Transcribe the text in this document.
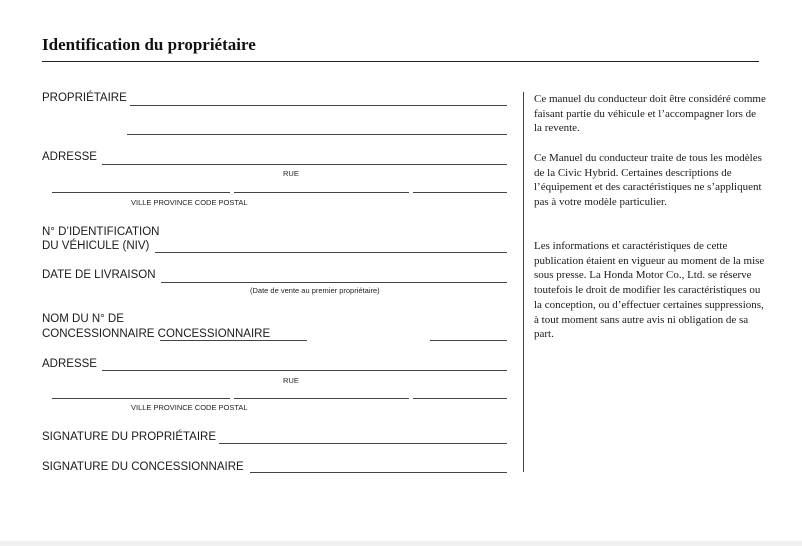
Identification du propriétaire
PROPRIÉTAIRE
ADRESSE
RUE
VILLE PROVINCE CODE POSTAL
N° D’IDENTIFICATION
DU VÉHICULE (NIV)
DATE DE LIVRAISON
(Date de vente au premier propriétaire)
NOM DU N° DE
CONCESSIONNAIRE CONCESSIONNAIRE
ADRESSE
RUE
VILLE PROVINCE CODE POSTAL
SIGNATURE DU PROPRIÉTAIRE
SIGNATURE DU CONCESSIONNAIRE

Ce manuel du conducteur doit être considéré comme faisant partie du véhicule et l’accompagner lors de la revente.

Ce Manuel du conducteur traite de tous les modèles de la Civic Hybrid. Certaines descriptions de l’équipement et des caractéristiques ne s’appliquent pas à votre modèle particulier.

Les informations et caractéristiques de cette publication étaient en vigueur au moment de la mise sous presse. La Honda Motor Co., Ltd. se réserve toutefois le droit de modifier les caractéristiques ou la conception, ou d’effectuer certaines suppressions, à tout moment sans autre avis ni obligation de sa part.
